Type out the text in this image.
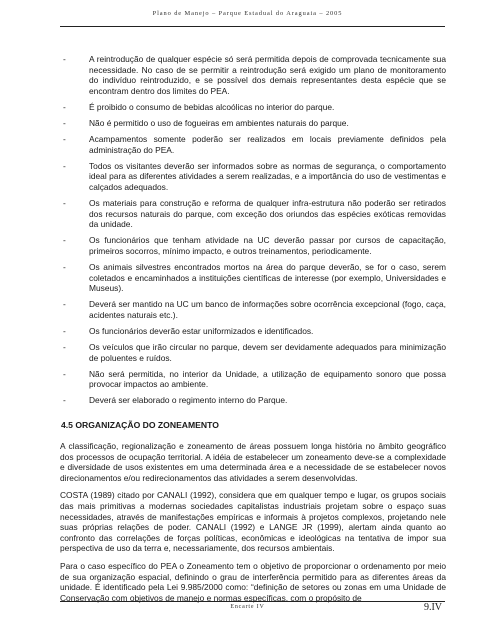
Plano de Manejo – Parque Estadual do Araguaia – 2005
-	A reintrodução de qualquer espécie só será permitida depois de comprovada tecnicamente sua necessidade. No caso de se permitir a reintrodução será exigido um plano de monitoramento do indivíduo reintroduzido, e se possível dos demais representantes desta espécie que se encontram dentro dos limites do PEA.
-	É proibido o consumo de bebidas alcoólicas no interior do parque.
-	Não é permitido o uso de fogueiras em ambientes naturais do parque.
-	Acampamentos somente poderão ser realizados em locais previamente definidos pela administração do PEA.
-	Todos os visitantes deverão ser informados sobre as normas de segurança, o comportamento ideal para as diferentes atividades a serem realizadas, e a importância do uso de vestimentas e calçados adequados.
-	Os materiais para construção e reforma de qualquer infra-estrutura não poderão ser retirados dos recursos naturais do parque, com exceção dos oriundos das espécies exóticas removidas da unidade.
-	Os funcionários que tenham atividade na UC deverão passar por cursos de capacitação, primeiros socorros, mínimo impacto, e outros treinamentos, periodicamente.
-	Os animais silvestres encontrados mortos na área do parque deverão, se for o caso, serem coletados e encaminhados a instituições científicas de interesse (por exemplo, Universidades e Museus).
-	Deverá ser mantido na UC um banco de informações sobre ocorrência excepcional (fogo, caça, acidentes naturais etc.).
-	Os funcionários deverão estar uniformizados e identificados.
-	Os veículos que irão circular no parque, devem ser devidamente adequados para minimização de poluentes e ruídos.
-	Não será permitida, no interior da Unidade, a utilização de equipamento sonoro que possa provocar impactos ao ambiente.
-	Deverá ser elaborado o regimento interno do Parque.
4.5 ORGANIZAÇÃO DO ZONEAMENTO

A classificação, regionalização e zoneamento de áreas possuem longa história no âmbito geográfico dos processos de ocupação territorial. A idéia de estabelecer um zoneamento deve-se a complexidade e diversidade de usos existentes em uma determinada área e a necessidade de se estabelecer novos direcionamentos e/ou redirecionamentos das atividades a serem desenvolvidas.

COSTA (1989) citado por CANALI (1992), considera que em qualquer tempo e lugar, os grupos sociais das mais primitivas a modernas sociedades capitalistas industriais projetam sobre o espaço suas necessidades, através de manifestações empíricas e informais à projetos complexos, projetando nele suas próprias relações de poder. CANALI (1992) e LANGE JR (1999), alertam ainda quanto ao confronto das correlações de forças políticas, econômicas e ideológicas na tentativa de impor sua perspectiva de uso da terra e, necessariamente, dos recursos ambientais.

Para o caso específico do PEA o Zoneamento tem o objetivo de proporcionar o ordenamento por meio de sua organização espacial, definindo o grau de interferência permitido para as diferentes áreas da unidade. É identificado pela Lei 9.985/2000 como: “definição de setores ou zonas em uma Unidade de Conservação com objetivos de manejo e normas específicas, com o propósito de

Encarte IV	9.IV
